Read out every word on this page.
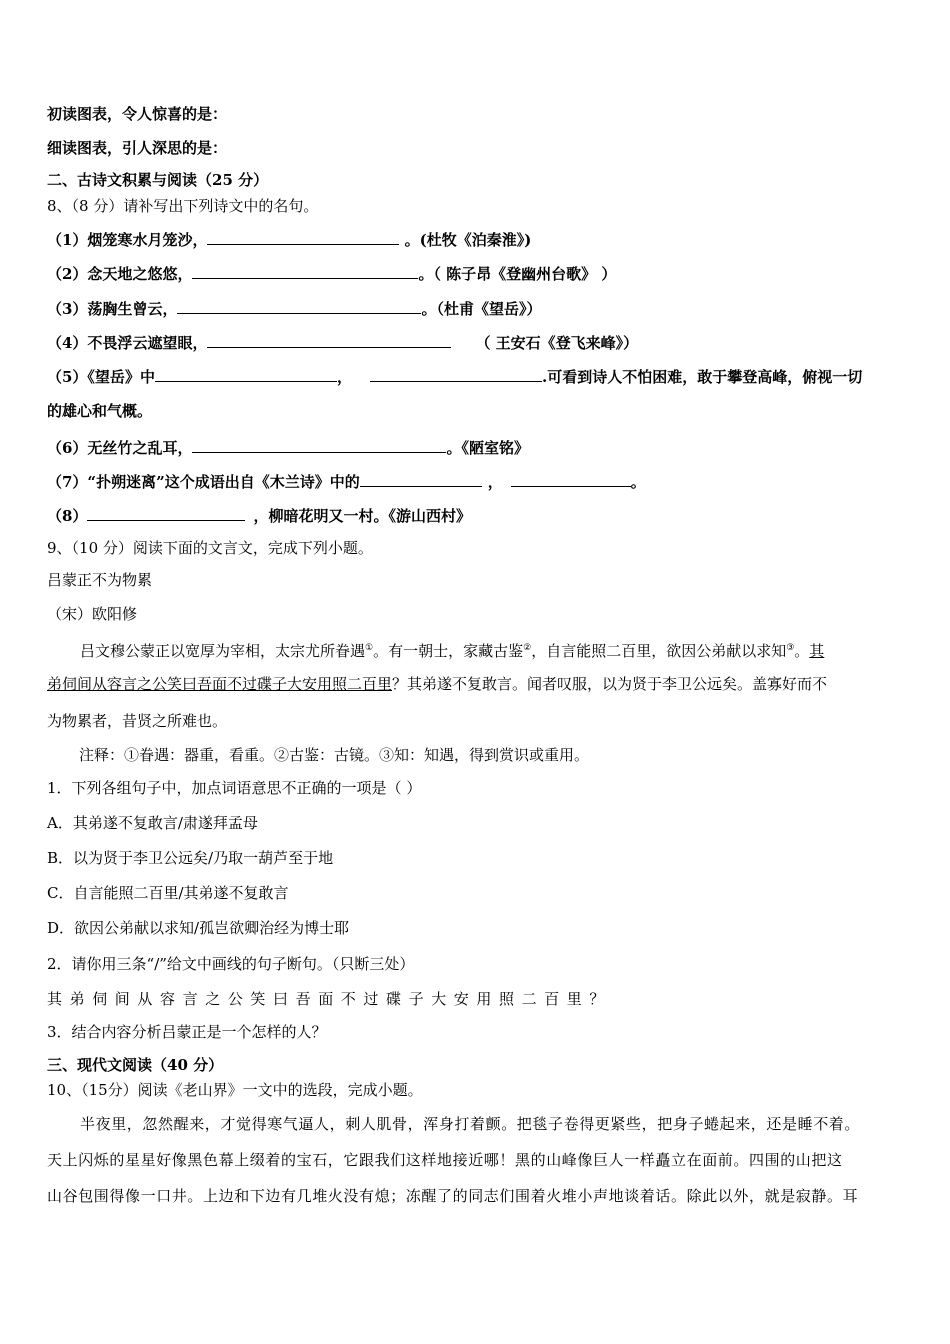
初读图表，令人惊喜的是：
细读图表，引人深思的是：
二、古诗文积累与阅读（25 分）
8、（8 分）请补写出下列诗文中的名句。
（1）烟笼寒水月笼沙，	。(杜牧《泊秦淮》)
（2）念天地之悠悠，	。（ 陈子昂《登幽州台歌》 ）
（3）荡胸生曾云，	。（杜甫《望岳》）
（4）不畏浮云遮望眼，	（ 王安石《登飞来峰》）
（5）《望岳》中	，	.可看到诗人不怕困难，敢于攀登高峰，俯视一切
的雄心和气概。
（6）无丝竹之乱耳，	。《陋室铭》
（7）“扑朔迷离”这个成语出自《木兰诗》中的	，	。
（8）	，柳暗花明又一村。《游山西村》
9、（10 分）阅读下面的文言文，完成下列小题。
吕蒙正不为物累
（宋）欧阳修
吕文穆公蒙正以宽厚为宰相，太宗尤所眷遇①。有一朝士，家藏古鉴②，自言能照二百里，欲因公弟献以求知③。其
弟伺间从容言之公笑曰吾面不过碟子大安用照二百里？其弟遂不复敢言。闻者叹服，以为贤于李卫公远矣。盖寡好而不
为物累者，昔贤之所难也。
注释：①眷遇：器重，看重。②古鉴：古镜。③知：知遇，得到赏识或重用。
1．下列各组句子中，加点词语意思不正确的一项是（ ）
A．其弟遂不复敢言/肃遂拜孟母
B．以为贤于李卫公远矣/乃取一葫芦至于地
C．自言能照二百里/其弟遂不复敢言
D．欲因公弟献以求知/孤岂欲卿治经为博士耶
2．请你用三条“/”给文中画线的句子断句。（只断三处）
其弟伺间从容言之公笑曰吾面不过碟子大安用照二百里？
3．结合内容分析吕蒙正是一个怎样的人？
三、现代文阅读（40 分）
10、（15分）阅读《老山界》一文中的选段，完成小题。
半夜里，忽然醒来，才觉得寒气逼人，刺人肌骨，浑身打着颤。把毯子卷得更紧些，把身子蜷起来，还是睡不着。
天上闪烁的星星好像黑色幕上缀着的宝石，它跟我们这样地接近哪！黑的山峰像巨人一样矗立在面前。四围的山把这
山谷包围得像一口井。上边和下边有几堆火没有熄；冻醒了的同志们围着火堆小声地谈着话。除此以外，就是寂静。耳
